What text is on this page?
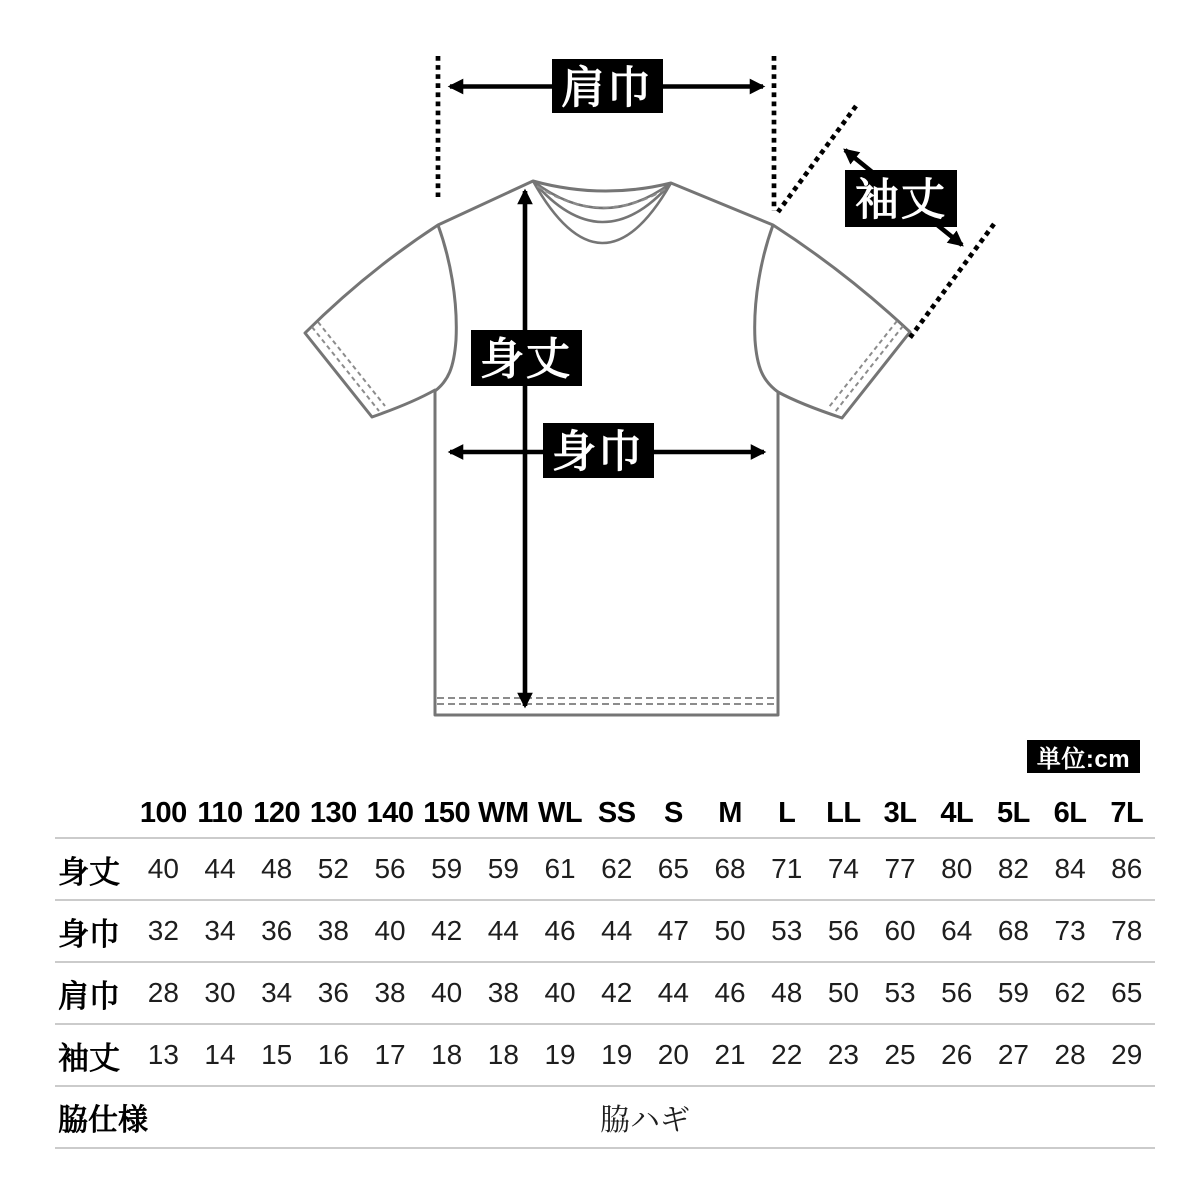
肩巾
袖丈
身丈
身巾
単位:cm
100 110 120 130 140 150 WM WL SS S	M	L	LL 3L 4L 5L 6L 7L
身丈 40 44 48 52 56 59 59 61 62 65 68 71 74 77 80 82 84 86
身巾 32 34 36 38 40 42 44 46 44 47 50 53 56 60 64 68 73 78
肩巾 28 30 34 36 38 40 38 40 42 44 46 48 50 53 56 59 62 65
袖丈 13 14 15 16 17 18 18 19 19 20 21 22 23 25 26 27 28 29
脇仕様	脇ハギ
